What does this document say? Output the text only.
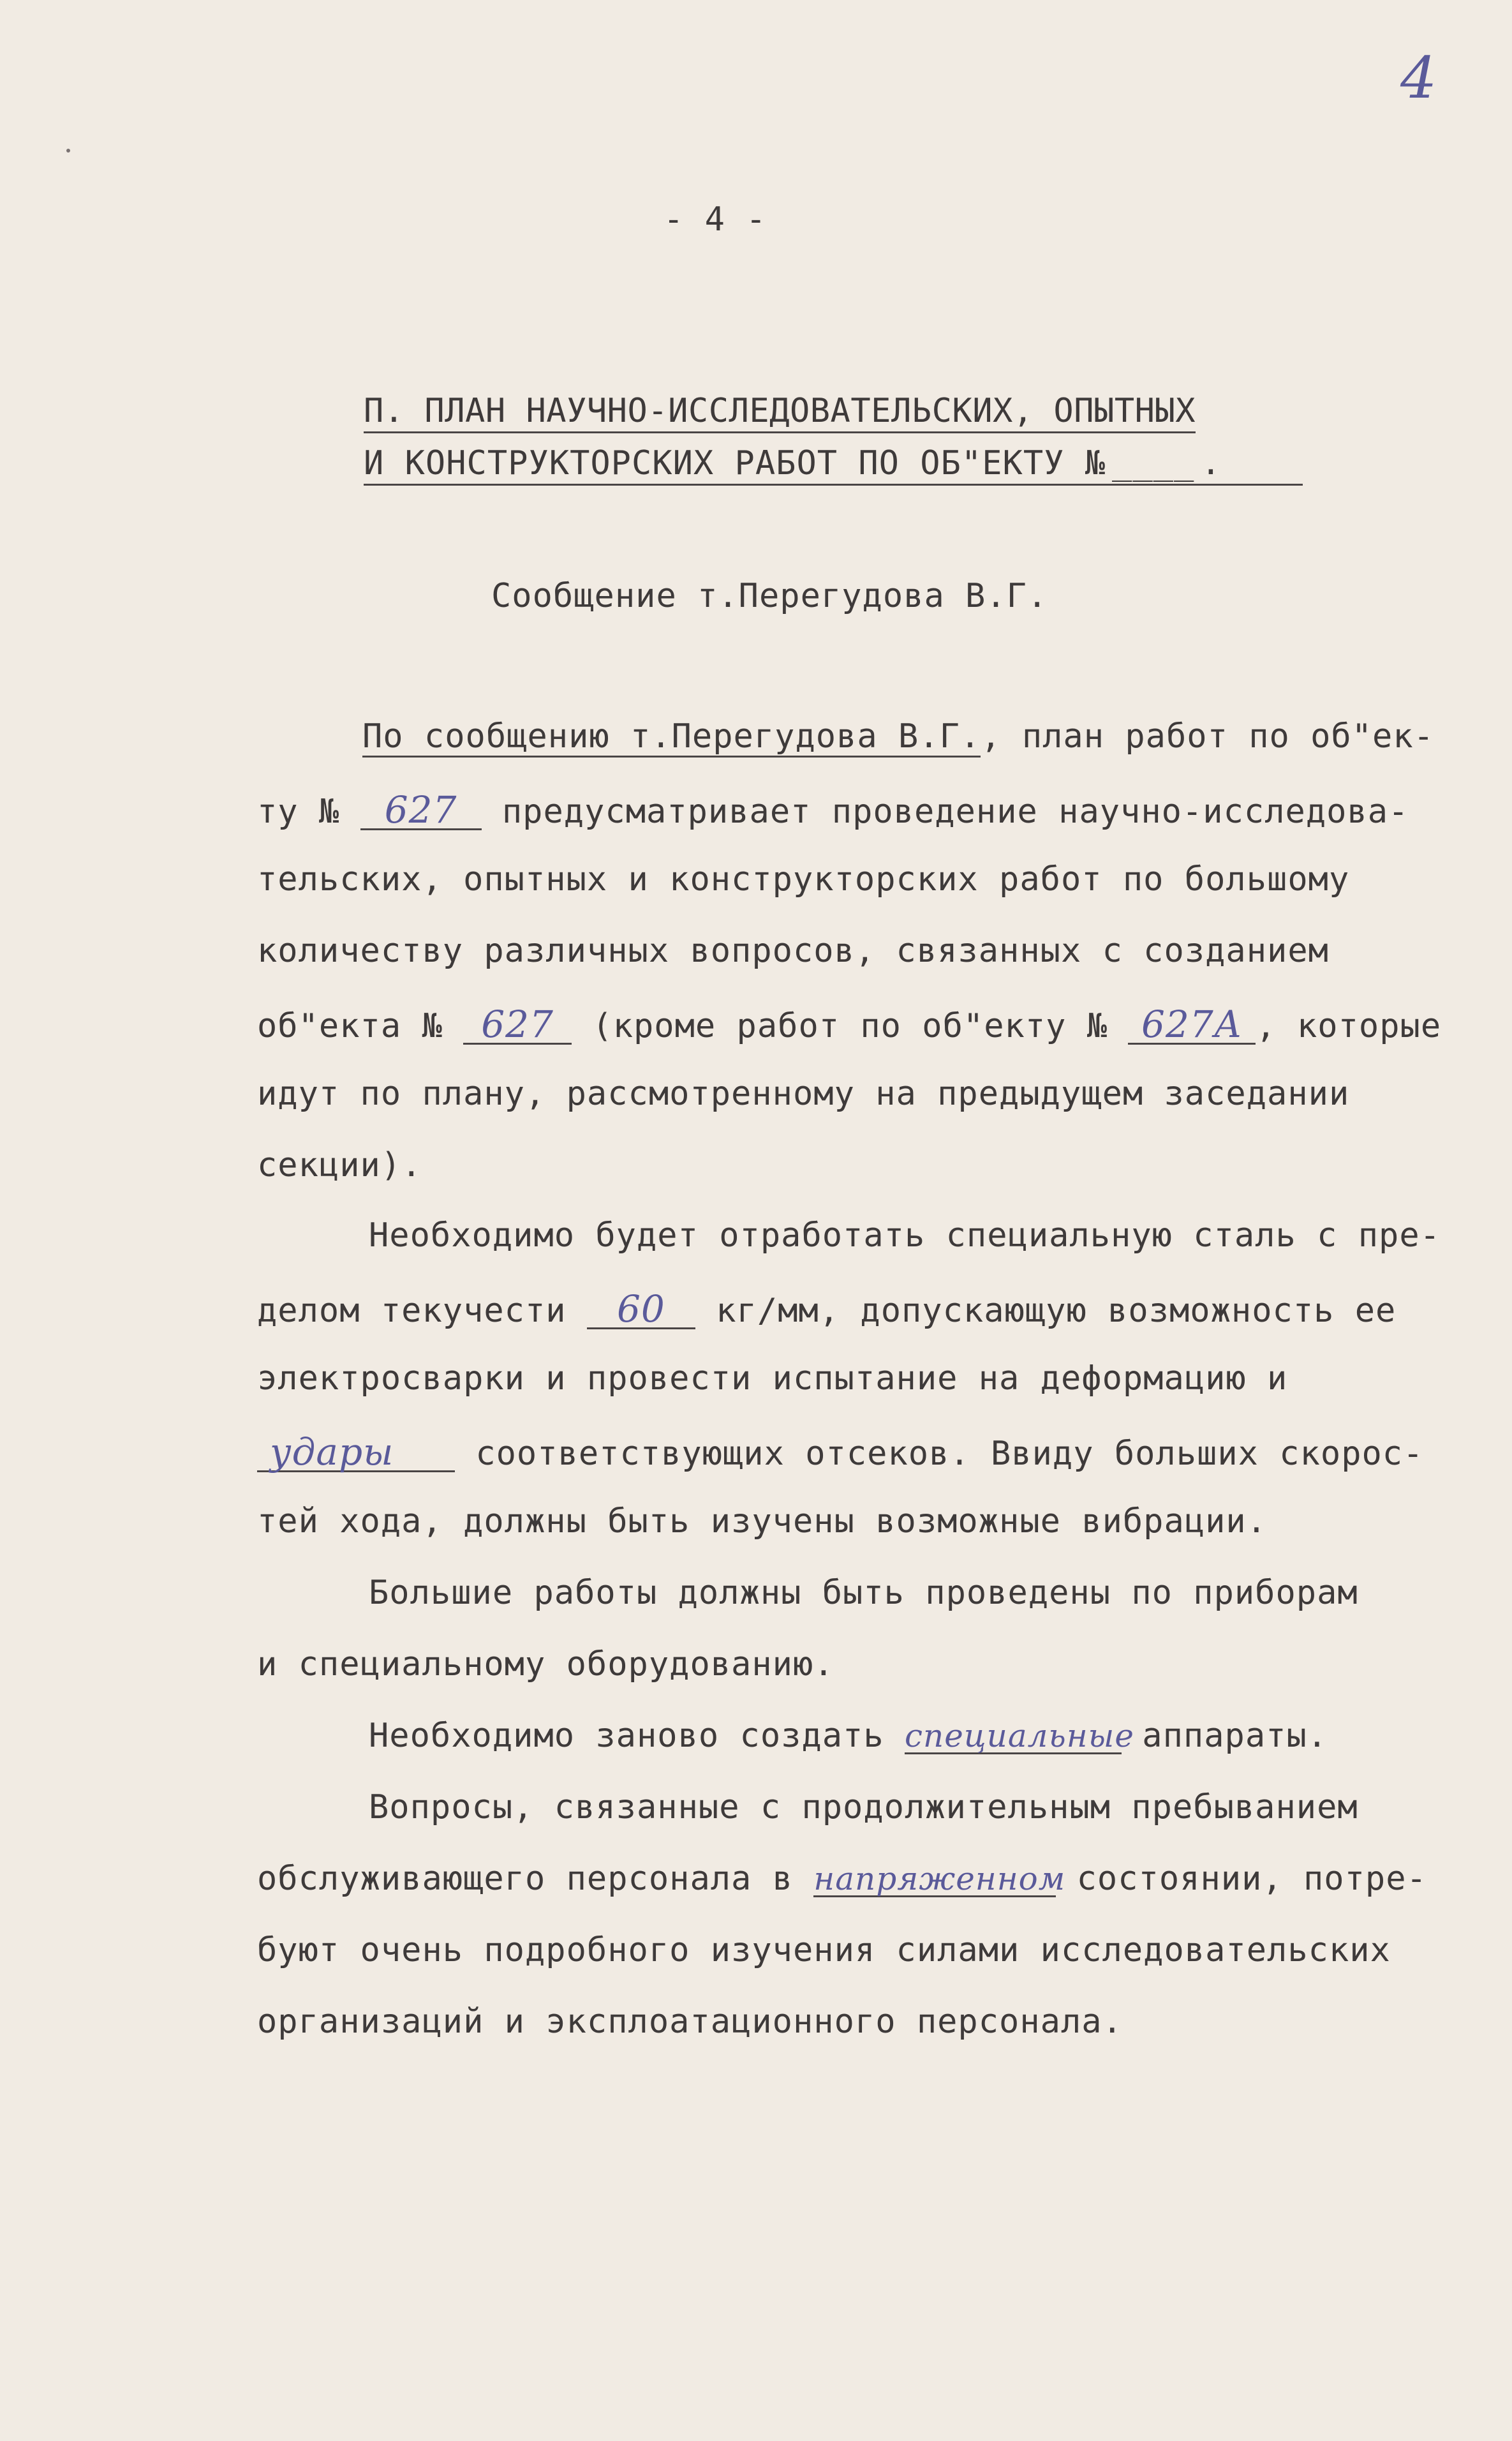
4
- 4 -
П. ПЛАН НАУЧНО-ИССЛЕДОВАТЕЛЬСКИХ, ОПЫТНЫХ
И КОНСТРУКТОРСКИХ РАБОТ ПО ОБ"ЕКТУ № ____ .
Сообщение т.Перегудова В.Г.
По сообщению т.Перегудова В.Г., план работ по об"ек-
ту № 627 предусматривает проведение научно-исследова-
тельских, опытных и конструкторских работ по большому
количеству различных вопросов, связанных с созданием
об"екта № 627 (кроме работ по об"екту № 627А , которые
идут по плану, рассмотренному на предыдущем заседании
секции).
Необходимо будет отработать специальную сталь с пре-
делом текучести 60 кг/мм, допускающую возможность ее
электросварки и провести испытание на деформацию и
удары соответствующих отсеков. Ввиду больших скорос-
тей хода, должны быть изучены возможные вибрации.
Большие работы должны быть проведены по приборам
и специальному оборудованию.
Необходимо заново создать специальные аппараты.
Вопросы, связанные с продолжительным пребыванием
обслуживающего персонала в напряженном состоянии, потре-
буют очень подробного изучения силами исследовательских
организаций и эксплоатационного персонала.
